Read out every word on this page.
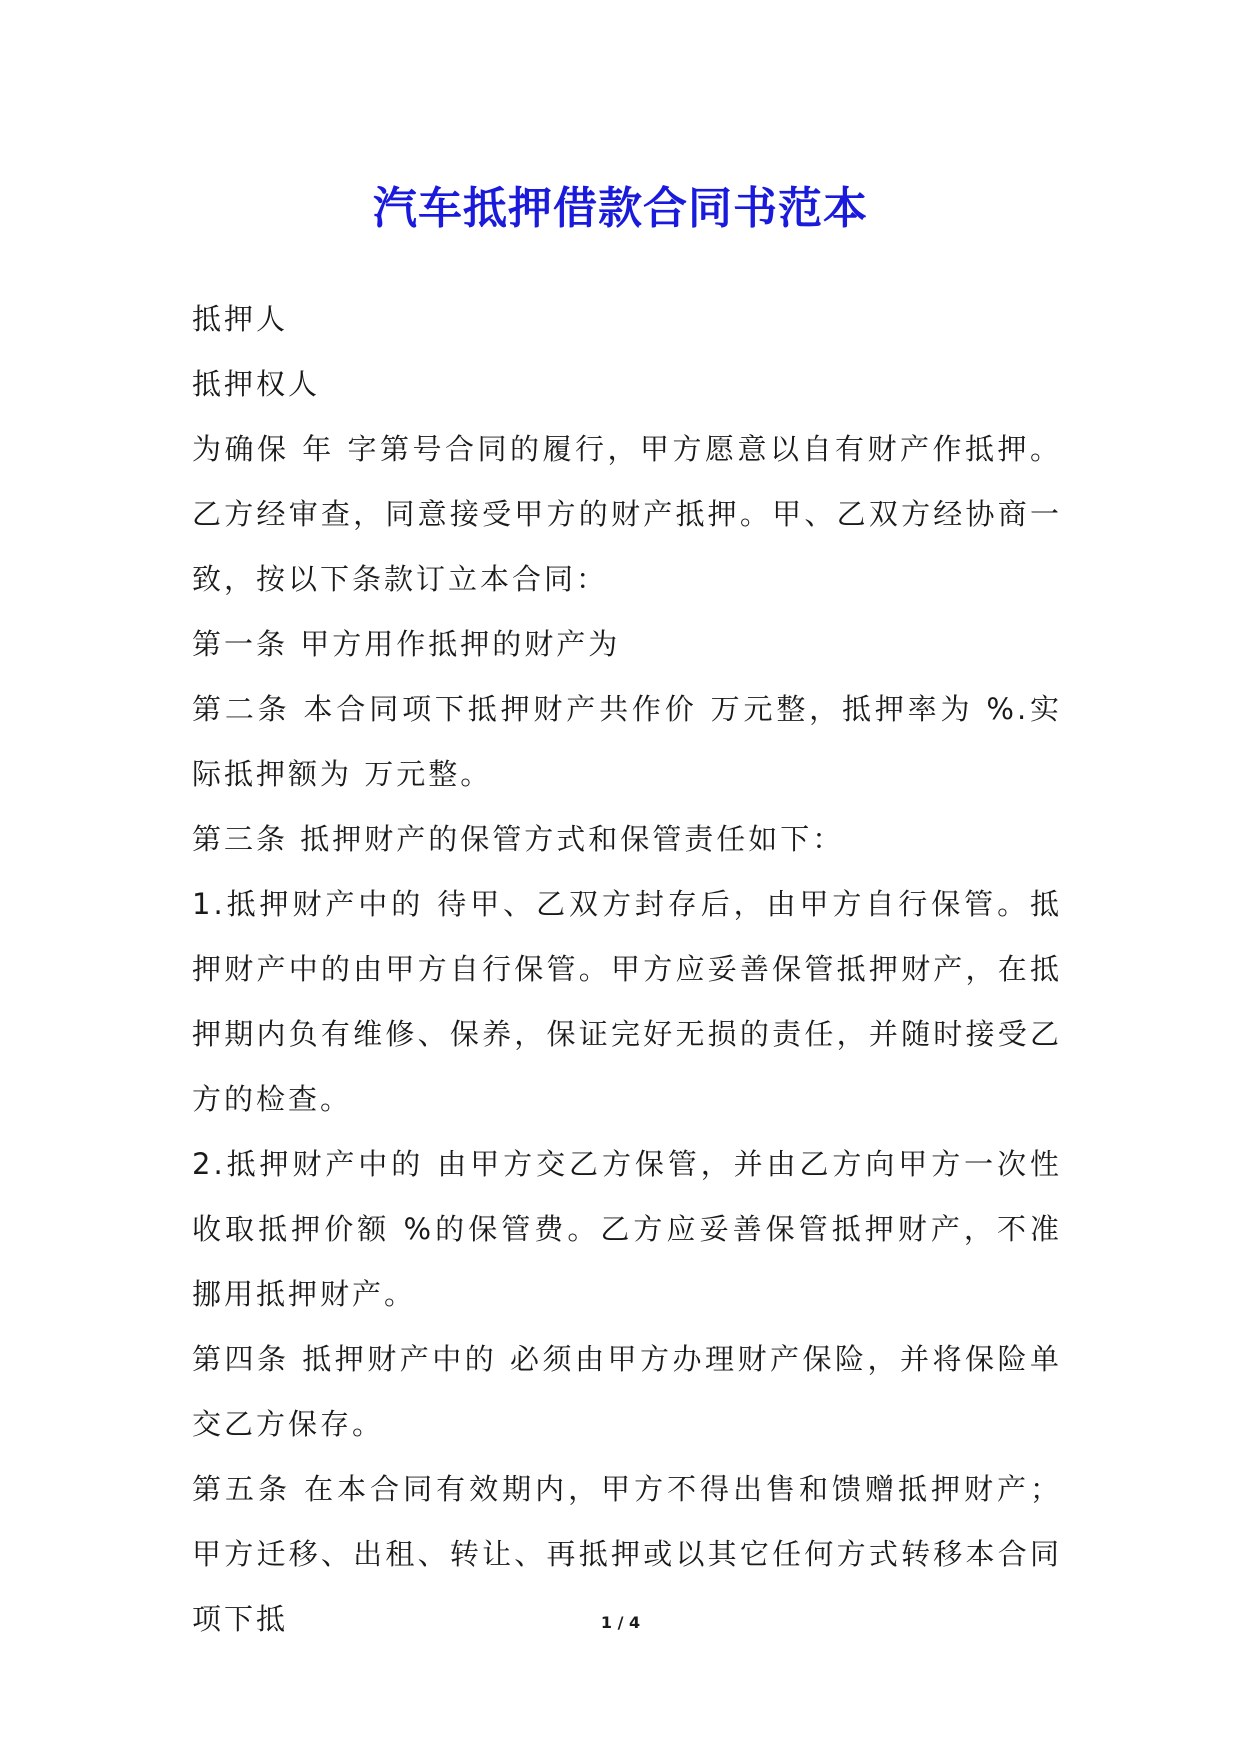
汽车抵押借款合同书范本

抵押人

抵押权人

为确保 年 字第号合同的履行，甲方愿意以自有财产作抵押。乙方经审查，同意接受甲方的财产抵押。甲、乙双方经协商一致，按以下条款订立本合同：

第一条 甲方用作抵押的财产为

第二条 本合同项下抵押财产共作价 万元整，抵押率为 %.实际抵押额为 万元整。

第三条 抵押财产的保管方式和保管责任如下：

1.抵押财产中的 待甲、乙双方封存后，由甲方自行保管。抵押财产中的由甲方自行保管。甲方应妥善保管抵押财产，在抵押期内负有维修、保养，保证完好无损的责任，并随时接受乙方的检查。

2.抵押财产中的 由甲方交乙方保管，并由乙方向甲方一次性收取抵押价额 %的保管费。乙方应妥善保管抵押财产，不准挪用抵押财产。

第四条 抵押财产中的 必须由甲方办理财产保险，并将保险单交乙方保存。

第五条 在本合同有效期内，甲方不得出售和馈赠抵押财产；甲方迁移、出租、转让、再抵押或以其它任何方式转移本合同项下抵	1 / 4
